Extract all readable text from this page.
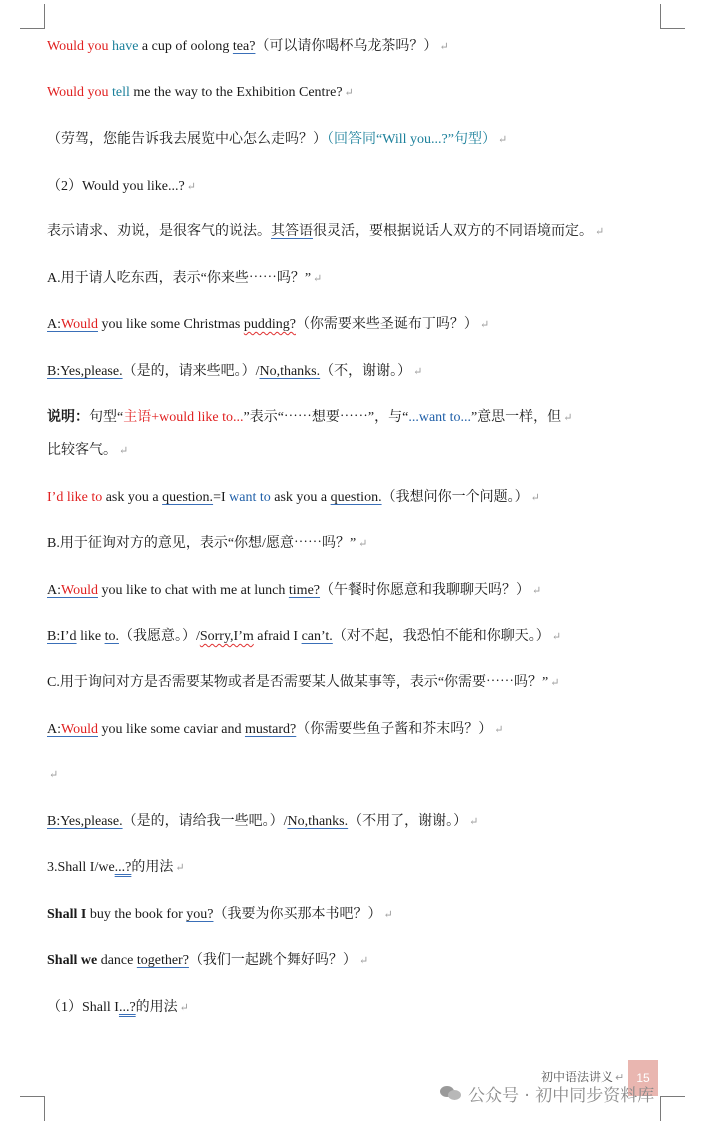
Would you have a cup of oolong tea?（可以请你喝杯乌龙茶吗？） ↵
Would you tell me the way to the Exhibition Centre? ↵
（劳驾，您能告诉我去展览中心怎么走吗？）（回答同“Will you...?”句型） ↵
（2）Would you like...? ↵
表示请求、劝说，是很客气的说法。其答语很灵活，要根据说话人双方的不同语境而定。 ↵
A.用于请人吃东西，表示“你来些⋯⋯吗？” ↵
A:Would you like some Christmas pudding?（你需要来些圣诞布丁吗？） ↵
B:Yes,please.（是的，请来些吧。）/No,thanks.（不，谢谢。） ↵
说明：句型“主语+would like to...”表示“⋯⋯想要⋯⋯”，与“...want to...”意思一样，但 ↵
比较客气。 ↵
I’d like to ask you a question.=I want to ask you a question.（我想问你一个问题。） ↵
B.用于征询对方的意见，表示“你想/愿意⋯⋯吗？” ↵
A:Would you like to chat with me at lunch time?（午餐时你愿意和我聊聊天吗？） ↵
B:I’d like to.（我愿意。）/Sorry,I’m afraid I can’t.（对不起，我恐怕不能和你聊天。） ↵
C.用于询问对方是否需要某物或者是否需要某人做某事等，表示“你需要⋯⋯吗？” ↵
A:Would you like some caviar and mustard?（你需要些鱼子酱和芥末吗？） ↵
↵
B:Yes,please.（是的，请给我一些吧。）/No,thanks.（不用了，谢谢。） ↵
3.Shall I/we...?的用法 ↵
Shall I buy the book for you?（我要为你买那本书吧？） ↵
Shall we dance together?（我们一起跳个舞好吗？） ↵
（1）Shall I...?的用法 ↵
初中语法讲义 ↵	15
公众号 · 初中同步资料库
